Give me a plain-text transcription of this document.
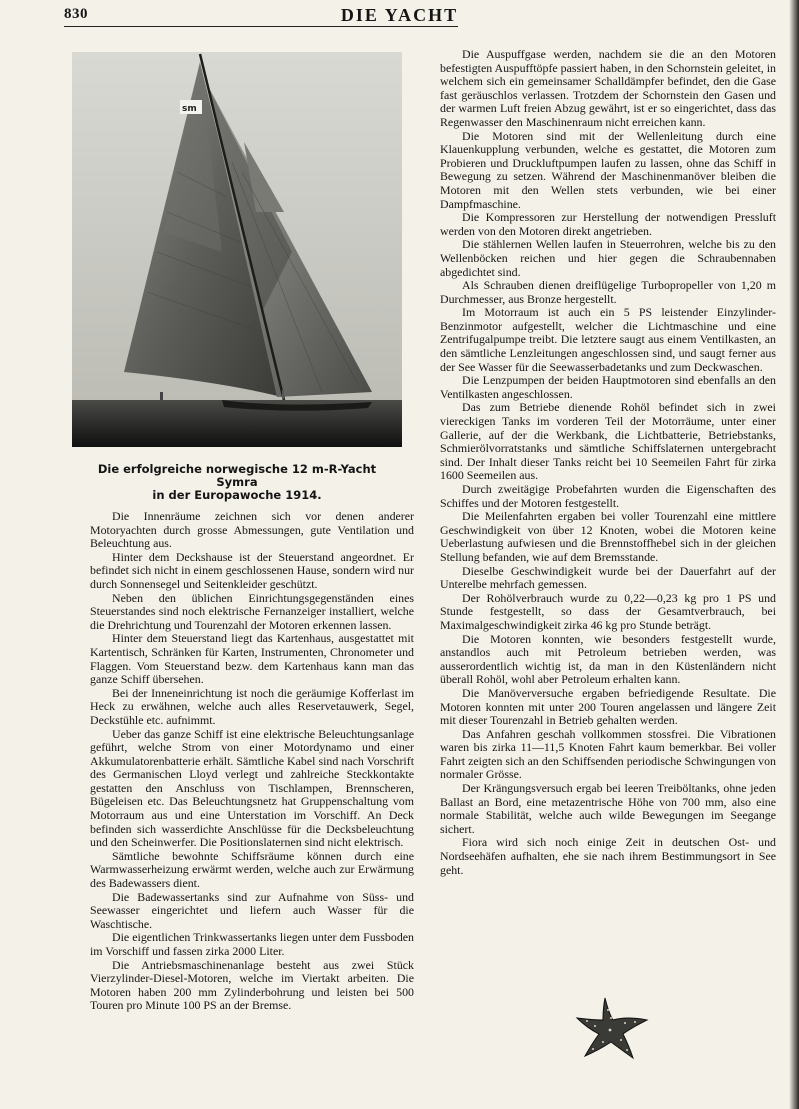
830	DIE YACHT
sm
Die erfolgreiche norwegische 12 m-R-Yacht Symra
in der Europawoche 1914.

Die Innenräume zeichnen sich vor denen anderer Motoryachten durch grosse Abmessungen, gute Ventilation und Beleuchtung aus.

Hinter dem Deckshause ist der Steuerstand angeordnet. Er befindet sich nicht in einem geschlossenen Hause, sondern wird nur durch Sonnensegel und Seitenkleider geschützt.

Neben den üblichen Einrichtungsgegenständen eines Steuerstandes sind noch elektrische Fernanzeiger installiert, welche die Drehrichtung und Tourenzahl der Motoren erkennen lassen.

Hinter dem Steuerstand liegt das Kartenhaus, ausgestattet mit Kartentisch, Schränken für Karten, Instrumenten, Chronometer und Flaggen. Vom Steuerstand bezw. dem Kartenhaus kann man das ganze Schiff übersehen.

Bei der Inneneinrichtung ist noch die geräumige Kofferlast im Heck zu erwähnen, welche auch alles Reservetauwerk, Segel, Deckstühle etc. aufnimmt.

Ueber das ganze Schiff ist eine elektrische Beleuchtungsanlage geführt, welche Strom von einer Motordynamo und einer Akkumulatorenbatterie erhält. Sämtliche Kabel sind nach Vorschrift des Germanischen Lloyd verlegt und zahlreiche Steckkontakte gestatten den Anschluss von Tischlampen, Brennscheren, Bügeleisen etc. Das Beleuchtungsnetz hat Gruppenschaltung vom Motorraum aus und eine Unterstation im Vorschiff. An Deck befinden sich wasserdichte Anschlüsse für die Decksbeleuchtung und den Scheinwerfer. Die Positionslaternen sind nicht elektrisch.

Sämtliche bewohnte Schiffsräume können durch eine Warmwasserheizung erwärmt werden, welche auch zur Erwärmung des Badewassers dient.

Die Badewassertanks sind zur Aufnahme von Süss- und Seewasser eingerichtet und liefern auch Wasser für die Waschtische.

Die eigentlichen Trinkwassertanks liegen unter dem Fussboden im Vorschiff und fassen zirka 2000 Liter.

Die Antriebsmaschinenanlage besteht aus zwei Stück Vierzylinder-Diesel-Motoren, welche im Viertakt arbeiten. Die Motoren haben 200 mm Zylinderbohrung und leisten bei 500 Touren pro Minute 100 PS an der Bremse.

Die Auspuffgase werden, nachdem sie die an den Motoren befestigten Auspufftöpfe passiert haben, in den Schornstein geleitet, in welchem sich ein gemeinsamer Schalldämpfer befindet, den die Gase fast geräuschlos verlassen. Trotzdem der Schornstein den Gasen und der warmen Luft freien Abzug gewährt, ist er so eingerichtet, dass das Regenwasser den Maschinenraum nicht erreichen kann.

Die Motoren sind mit der Wellenleitung durch eine Klauenkupplung verbunden, welche es gestattet, die Motoren zum Probieren und Druckluftpumpen laufen zu lassen, ohne das Schiff in Bewegung zu setzen. Während der Maschinenmanöver bleiben die Motoren mit den Wellen stets verbunden, wie bei einer Dampfmaschine.

Die Kompressoren zur Herstellung der notwendigen Pressluft werden von den Motoren direkt angetrieben.

Die stählernen Wellen laufen in Steuerrohren, welche bis zu den Wellenböcken reichen und hier gegen die Schraubennaben abgedichtet sind.

Als Schrauben dienen dreiflügelige Turbopropeller von 1,20 m Durchmesser, aus Bronze hergestellt.

Im Motorraum ist auch ein 5 PS leistender Einzylinder-Benzinmotor aufgestellt, welcher die Lichtmaschine und eine Zentrifugalpumpe treibt. Die letztere saugt aus einem Ventilkasten, an den sämtliche Lenzleitungen angeschlossen sind, und saugt ferner aus der See Wasser für die Seewasserbadetanks und zum Deckwaschen.

Die Lenzpumpen der beiden Hauptmotoren sind ebenfalls an den Ventilkasten angeschlossen.

Das zum Betriebe dienende Rohöl befindet sich in zwei viereckigen Tanks im vorderen Teil der Motorräume, unter einer Gallerie, auf der die Werkbank, die Lichtbatterie, Betriebstanks, Schmierölvorratstanks und sämtliche Schiffslaternen untergebracht sind. Der Inhalt dieser Tanks reicht bei 10 Seemeilen Fahrt für zirka 1600 Seemeilen aus.

Durch zweitägige Probefahrten wurden die Eigenschaften des Schiffes und der Motoren festgestellt.

Die Meilenfahrten ergaben bei voller Tourenzahl eine mittlere Geschwindigkeit von über 12 Knoten, wobei die Motoren keine Ueberlastung aufwiesen und die Brennstoffhebel sich in der gleichen Stellung befanden, wie auf dem Bremsstande.

Dieselbe Geschwindigkeit wurde bei der Dauerfahrt auf der Unterelbe mehrfach gemessen.

Der Rohölverbrauch wurde zu 0,22—0,23 kg pro 1 PS und Stunde festgestellt, so dass der Gesamtverbrauch, bei Maximalgeschwindigkeit zirka 46 kg pro Stunde beträgt.

Die Motoren konnten, wie besonders festgestellt wurde, anstandlos auch mit Petroleum betrieben werden, was ausserordentlich wichtig ist, da man in den Küstenländern nicht überall Rohöl, wohl aber Petroleum erhalten kann.

Die Manöverversuche ergaben befriedigende Resultate. Die Motoren konnten mit unter 200 Touren angelassen und längere Zeit mit dieser Tourenzahl in Betrieb gehalten werden.

Das Anfahren geschah vollkommen stossfrei. Die Vibrationen waren bis zirka 11—11,5 Knoten Fahrt kaum bemerkbar. Bei voller Fahrt zeigten sich an den Schiffsenden periodische Schwingungen von normaler Grösse.

Der Krängungsversuch ergab bei leeren Treiböltanks, ohne jeden Ballast an Bord, eine metazentrische Höhe von 700 mm, also eine normale Stabilität, welche auch wilde Bewegungen im Seegange sichert.

Fiora wird sich noch einige Zeit in deutschen Ost- und Nordseehäfen aufhalten, ehe sie nach ihrem Bestimmungsort in See geht.
